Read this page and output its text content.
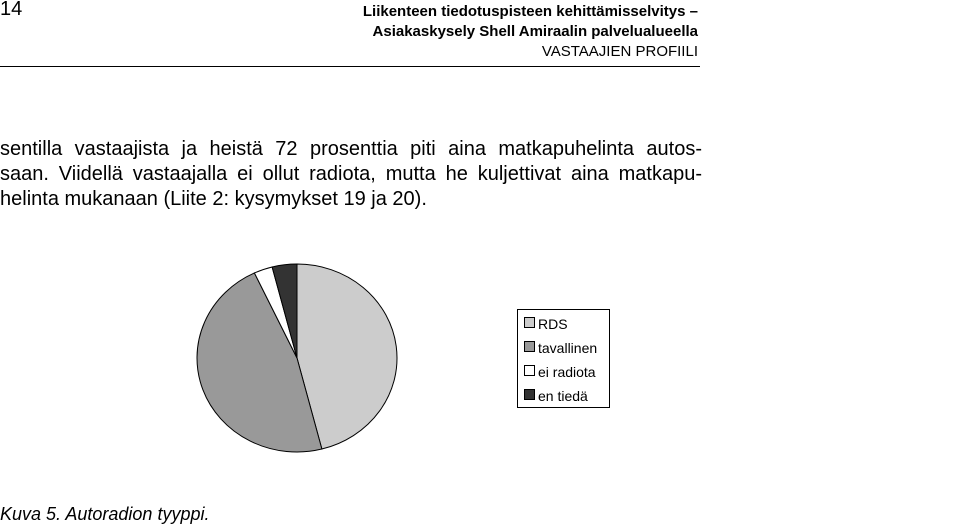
14	Liikenteen tiedotuspisteen kehittämisselvitys –
Asiakaskysely Shell Amiraalin palvelualueella
VASTAAJIEN PROFIILI

sentilla vastaajista ja heistä 72 prosenttia piti aina matkapuhelinta autos-
saan. Viidellä vastaajalla ei ollut radiota, mutta he kuljettivat aina matkapu-
helinta mukanaan (Liite 2: kysymykset 19 ja 20).

RDS
tavallinen
ei radiota
en tiedä
Kuva 5. Autoradion tyyppi.
